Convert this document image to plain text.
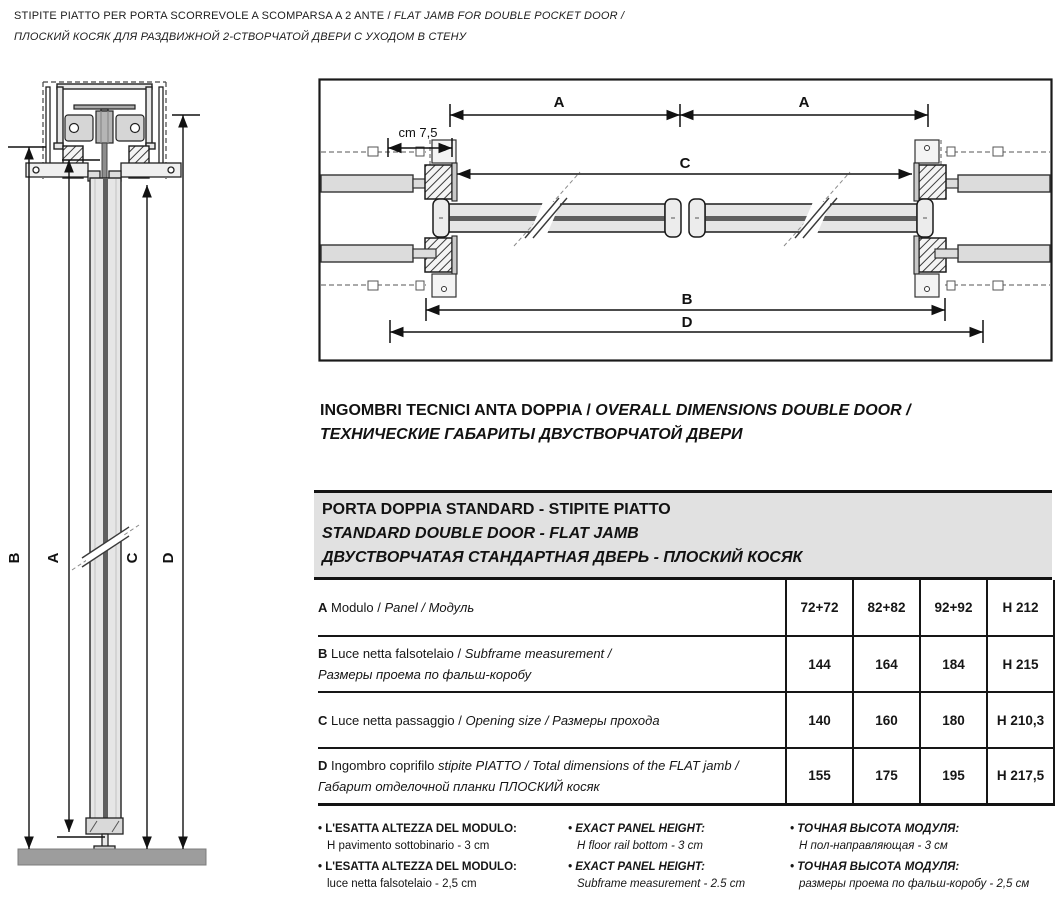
STIPITE PIATTO PER PORTA SCORREVOLE A SCOMPARSA A 2 ANTE / FLAT JAMB FOR DOUBLE POCKET DOOR /
ПЛОСКИЙ КОСЯК ДЛЯ РАЗДВИЖНОЙ 2-СТВОРЧАТОЙ ДВЕРИ С УХОДОМ В СТЕНУ
B A	C D
A	A
cm 7,5
C
B
D
INGOMBRI TECNICI ANTA DOPPIA / OVERALL DIMENSIONS DOUBLE DOOR /
ТЕХНИЧЕСКИЕ ГАБАРИТЫ ДВУСТВОРЧАТОЙ ДВЕРИ
PORTA DOPPIA STANDARD - STIPITE PIATTO
STANDARD DOUBLE DOOR - FLAT JAMB
ДВУСТВОРЧАТАЯ СТАНДАРТНАЯ ДВЕРЬ - ПЛОСКИЙ КОСЯК
A Modulo / Panel / Модуль	72+72	82+82	92+92	H 212

B Luce netta falsotelaio / Subframe measurement /
Размеры проема по фальш-коробу	144	164	184	H 215

C Luce netta passaggio / Opening size / Размеры прохода	140	160	180	H 210,3

D Ingombro coprifilo stipite PIATTO / Total dimensions of the FLAT jamb /
Габарит отделочной планки ПЛОСКИЙ косяк	155	175	195	H 217,5
• L'ESATTA ALTEZZA DEL MODULO:
H pavimento sottobinario - 3 cm
• L'ESATTA ALTEZZA DEL MODULO:
luce netta falsotelaio - 2,5 cm
• EXACT PANEL HEIGHT:
H floor rail bottom - 3 cm
• EXACT PANEL HEIGHT:
Subframe measurement - 2.5 cm
• ТОЧНАЯ ВЫСОТА МОДУЛЯ:
Н пол-направляющая - 3 см
• ТОЧНАЯ ВЫСОТА МОДУЛЯ:
размеры проема по фальш-коробу - 2,5 см
